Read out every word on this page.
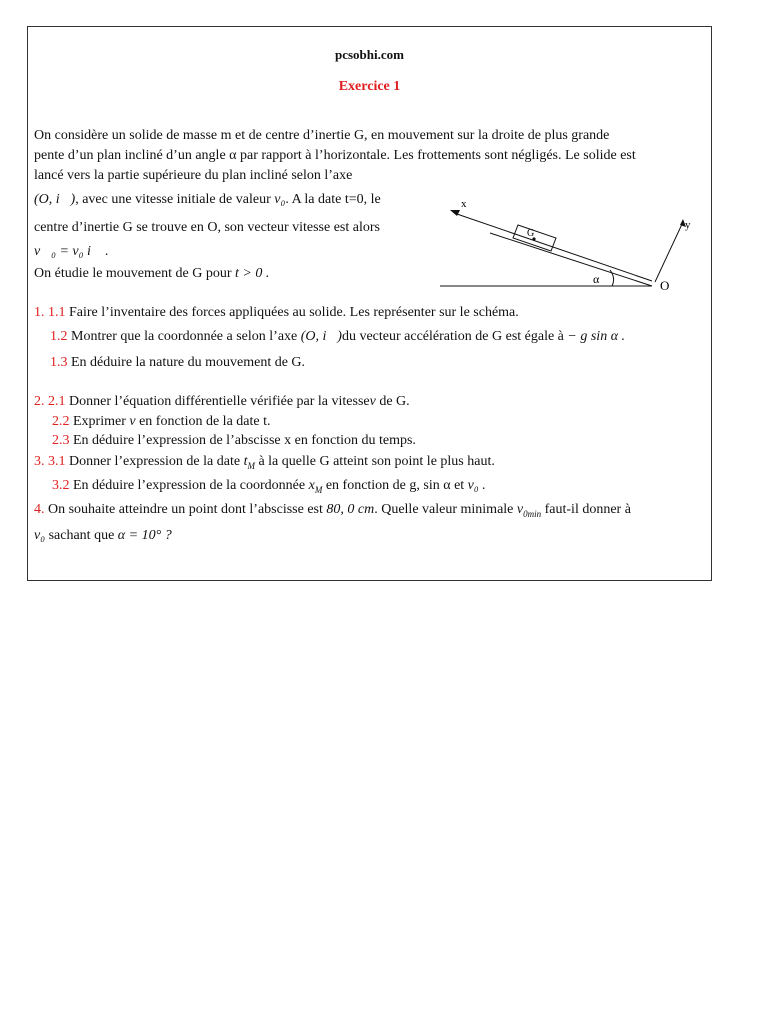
pcsobhi.com
Exercice 1
On considère un solide de masse m et de centre d’inertie G, en mouvement sur la droite de plus grande
pente d’un plan incliné d’un angle α par rapport à l’horizontale. Les frottements sont négligés. Le solide est
lancé vers la partie supérieure du plan incliné selon l’axe
(O, i⃗), avec une vitesse initiale de valeur v₀. A la date t=0, le
centre d’inertie G se trouve en O, son vecteur vitesse est alors
v⃗₀ = v₀ i⃗ .
On étudie le mouvement de G pour t > 0 .
x
G
y
α	O
1. 1.1 Faire l’inventaire des forces appliquées au solide. Les représenter sur le schéma.
1.2 Montrer que la coordonnée a selon l’axe (O, i⃗)du vecteur accélération de G est égale à − g sin α .
1.3 En déduire la nature du mouvement de G.
2. 2.1 Donner l’équation différentielle vérifiée par la vitessev de G.
2.2 Exprimer v en fonction de la date t.
2.3 En déduire l’expression de l’abscisse x en fonction du temps.
3. 3.1 Donner l’expression de la date $t_M$ à la quelle G atteint son point le plus haut.
3.2 En déduire l’expression de la coordonnée $x_M$ en fonction de g, sin α et v₀ .
4. On souhaite atteindre un point dont l’abscisse est 80, 0 cm. Quelle valeur minimale $v_{0min}$ faut-il donner à
v₀ sachant que α = 10° ?
